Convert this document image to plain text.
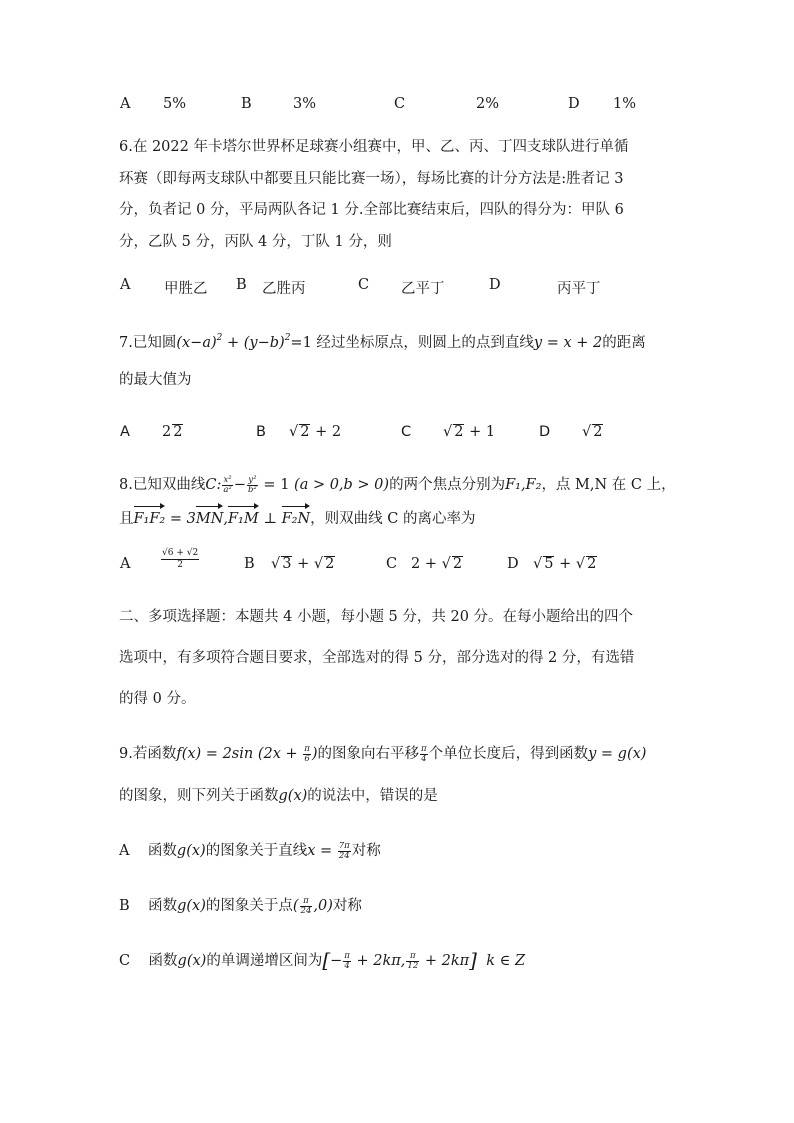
A 5%	B	3%	C	2%	D 1%
6.在 2022 年卡塔尔世界杯足球赛小组赛中，甲、乙、丙、丁四支球队进行单循
环赛（即每两支球队中都要且只能比赛一场），每场比赛的计分方法是:胜者记 3
分，负者记 0 分，平局两队各记 1 分.全部比赛结束后，四队的得分为：甲队 6
分，乙队 5 分，丙队 4 分，丁队 1 分，则
A 甲胜乙 B 乙胜丙	C 乙平丁	D	丙平丁
7.已知圆$(x-a)^2 + (y-b)^2=1$ 经过坐标原点，则圆上的点到直线y = x + 2的距离
的最大值为
A 2 2	B √ 2 + 2	C √ 2 + 1	D √ 2
8.已知双曲线C: $\frac{\text{x²}}{\text{a²}} - \frac{\text{y²}}{\text{b²}} = 1$ (a > 0,b > 0)的两个焦点分别为F₁,F₂，点 M,N 在 C 上，
且F₁F₂ = 3MN,F₁M ⊥ F₂N，则双曲线 C 的离心率为
A	$\frac{√6 + √2}{2}$	B √ 3 + √ 2	C 2 + √ 2	D √ 5 + √ 2
二、多项选择题：本题共 4 小题，每小题 5 分，共 20 分。在每小题给出的四个
选项中，有多项符合题目要求，全部选对的得 5 分，部分选对的得 2 分，有选错
的得 0 分。
9.若函数f(x) = 2sin ($2x + \frac{\pi}{6}$ )的图象向右平移 $\frac{\pi}{4}$ 个单位长度后，得到函数y = g(x)
的图象，则下列关于函数g(x)的说法中，错误的是
A 函数g(x)的图象关于直线$x = \frac{7\pi}{24}$ 对称
B 函数g(x)的图象关于点( $\frac{\pi}{24} ,0$)对称
C 函数g(x)的单调递增区间为[− $\frac{\pi}{4} + 2k\pi$, $\frac{\pi}{12} + 2k\pi$]  k ∈ Z
